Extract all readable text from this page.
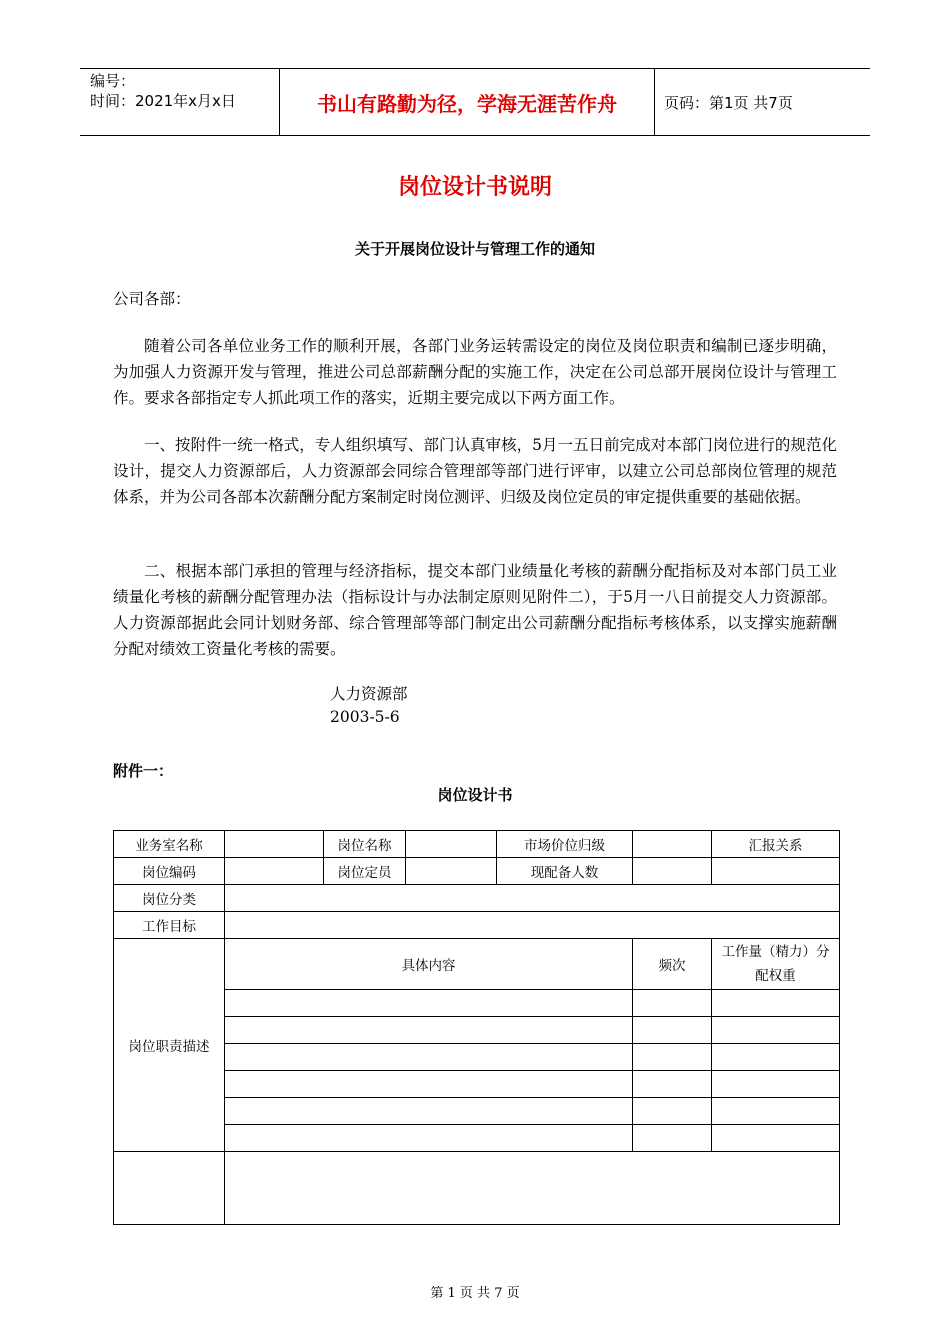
编号：
时间：2021年x月x日	书山有路勤为径，学海无涯苦作舟	页码：第1页 共7页
岗位设计书说明
关于开展岗位设计与管理工作的通知
公司各部：
随着公司各单位业务工作的顺利开展，各部门业务运转需设定的岗位及岗位职责和编制已逐步明确，为加强人力资源开发与管理，推进公司总部薪酬分配的实施工作，决定在公司总部开展岗位设计与管理工作。要求各部指定专人抓此项工作的落实，近期主要完成以下两方面工作。
一、按附件一统一格式，专人组织填写、部门认真审核，5月一五日前完成对本部门岗位进行的规范化设计，提交人力资源部后，人力资源部会同综合管理部等部门进行评审，以建立公司总部岗位管理的规范体系，并为公司各部本次薪酬分配方案制定时岗位测评、归级及岗位定员的审定提供重要的基础依据。
二、根据本部门承担的管理与经济指标，提交本部门业绩量化考核的薪酬分配指标及对本部门员工业绩量化考核的薪酬分配管理办法（指标设计与办法制定原则见附件二），于5月一八日前提交人力资源部。人力资源部据此会同计划财务部、综合管理部等部门制定出公司薪酬分配指标考核体系，以支撑实施薪酬分配对绩效工资量化考核的需要。
人力资源部
2003-5-6
附件一：
岗位设计书
业务室名称		岗位名称		市场价位归级		汇报关系
岗位编码		岗位定员		现配备人数		
岗位分类						
工作目标						
岗位职责描述	具体内容				频次	工作量（精力）分配权重

第 1 页 共 7 页
